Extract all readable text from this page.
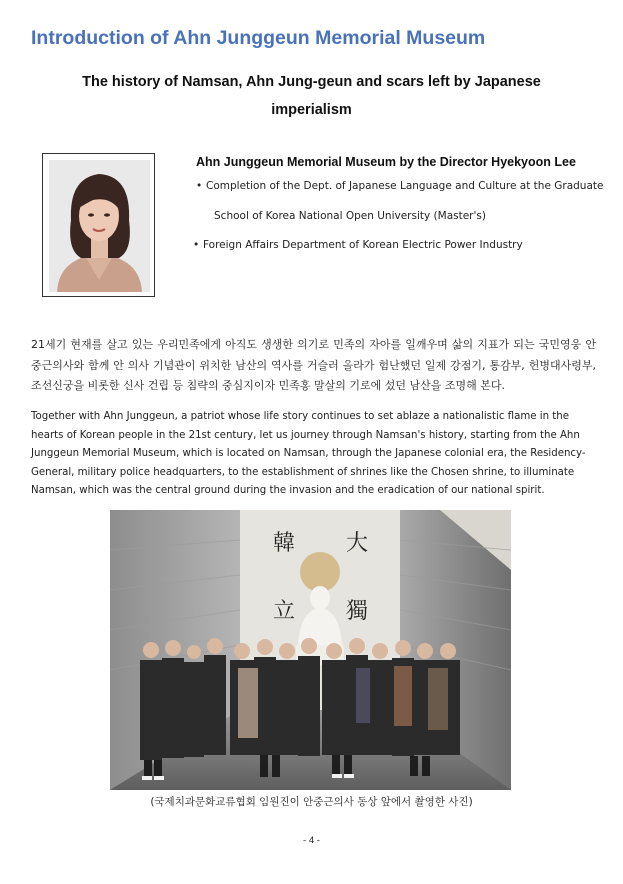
Introduction of Ahn Junggeun Memorial Museum
The history of Namsan, Ahn Jung-geun and scars left by Japanese imperialism
Ahn Junggeun Memorial Museum by the Director Hyekyoon Lee
• Completion of the Dept. of Japanese Language and Culture at the Graduate
School of Korea National Open University (Master's)
• Foreign Affairs Department of Korean Electric Power Industry
21세기 현재를 살고 있는 우리민족에게 아직도 생생한 의기로 민족의 자아를 일깨우며 삶의 지표가 되는 국민영웅 안중근의사와 함께 안 의사 기념관이 위치한 남산의 역사를 거슬러 올라가 험난했던 일제 강점기, 통감부, 헌병대사령부, 조선신궁을 비롯한 신사 건립 등 침략의 중심지이자 민족홍 말살의 기로에 섰던 남산을 조명해 본다.
Together with Ahn Junggeun, a patriot whose life story continues to set ablaze a nationalistic flame in the hearts of Korean people in the 21st century, let us journey through Namsan's history, starting from the Ahn Junggeun Memorial Museum, which is located on Namsan, through the Japanese colonial era, the Residency-General, military police headquarters, to the establishment of shrines like the Chosen shrine, to illuminate Namsan, which was the central ground during the invasion and the eradication of our national spirit.
韓 大
立 獨
(국제치과문화교류협회 임원진이 안중근의사 동상 앞에서 촬영한 사진)
- 4 -
